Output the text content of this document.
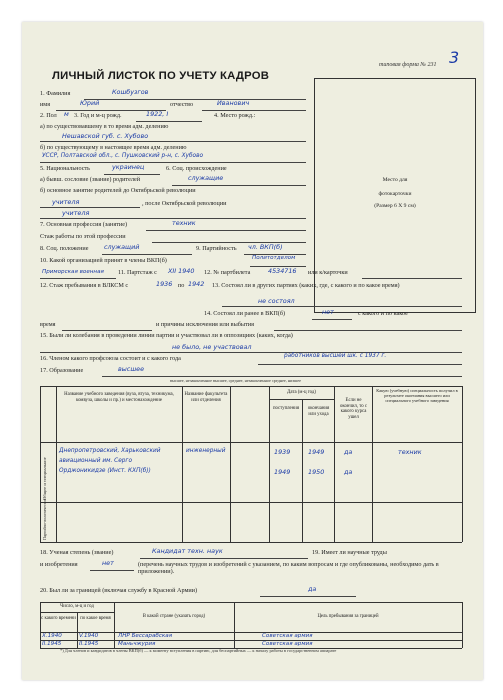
3
типовая форма № 231
ЛИЧНЫЙ ЛИСТОК ПО УЧЕТУ КАДРОВ
Место для
фотокарточки
(Размер 6 X 9 см)
1. Фамилия	Кошбузгов
имя	Юрий	отчество	Иванович
2. Пол м 3. Год и м-ц рожд.	1922, I	4. Место рожд.:
а) по существовавшему в то время адм. делению
Нешавской губ. с. Хубово
б) по существующему в настоящее время адм. делению
УССР, Полтавской обл., с. Пушковский р-н, с. Хубово
5. Национальность	украинец	6. Соц. происхождение
а) бывш. сословие (звание) родителей	служащие
б) основное занятие родителей до Октябрьской революции
учителя	, после Октябрьской революции
учителя
7. Основная профессия (занятие)	техник
Стаж работы по этой профессии
8. Соц. положение служащий	9. Партийность чл. ВКП(б)
10. Какой организацией принят в члены ВКП(б)	Политотделом
Приморская военная 11. Партстаж с XII 1940 12. № партбилета	4534716 или к/карточки
12. Стаж пребывания в ВЛКСМ с	1936 по 1942 13. Состоял ли в других партиях (каких, где, с какого и по какое время)
не состоял
14. Состоял ли ранее в ВКП(б)	нет	с какого и по какое
время	и причины исключения или выбытия
15. Были ли колебания в проведении линии партии и участвовал ли в оппозициях (каких, когда)
не было, не участвовал
16. Членом какого профсоюза состоит и с какого года	работников высшей шк. с 1937 г.
17. Образование	высшее
высшее, незаконченное высшее, среднее, незаконченное среднее, низшее
Название учебного заведения (вуза, втуза, техникума, комвуза, школы и пр.) и местонахождение
Название факультета или отделения
Дата (м-ц год)
поступления	окончания или ухода
Если не окончил, то с какого курса ушел
Какую (учебную) специальность получил в результате окончания высшего или специального учебного заведения
Общее и специальное
Партийно-политическое
Днепропетровский, Харьковский
авиационный им. Серго
Орджоникидзе (Инст. КХП(б))
инженерный	1939	1949	да	техник
1949	1950	да
18. Ученая степень (звание)	Кандидат техн. наук	19. Имеет ли научные труды
и изобретения	нет	(перечень научных трудов и изобретений с указанием, по каким вопросам и где опубликованы, необходимо дать в приложении).
20. Был ли за границей (включая службу в Красной Армии)	да
Число, м-ц и год
с какого времени по какое время	В какой стране (указать город)	Цель пребывания за границей
X.1940	V.1940	ЛНР Бессарабская	Советская армия
II.1945	II.1945	Маньчжурия	Советская армия
*) Для членов и кандидатов в члены ВКП(б) — к моменту вступления в партию, для беспартийных — к началу работы в государственном аппарате
